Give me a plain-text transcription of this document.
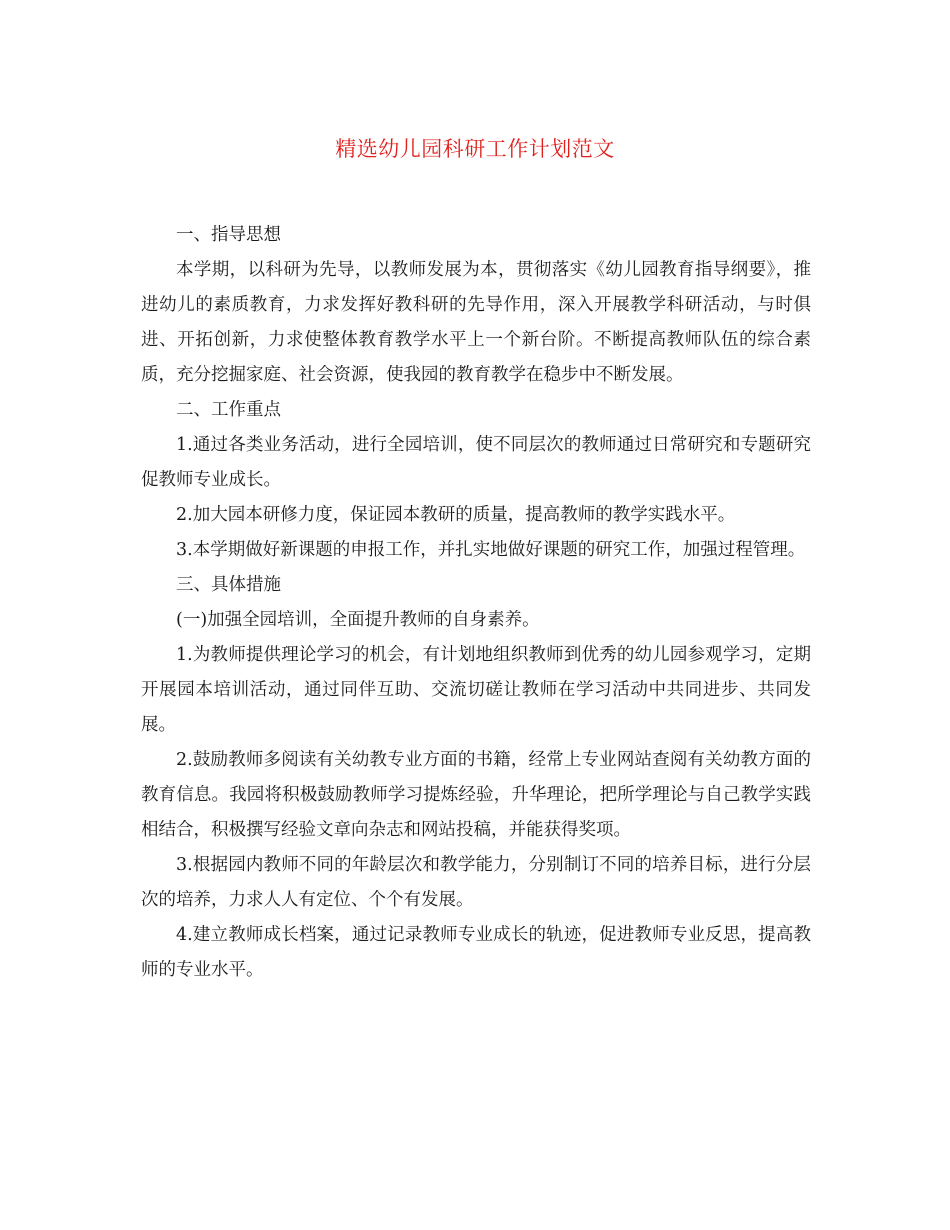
精选幼儿园科研工作计划范文

一、指导思想

本学期，以科研为先导，以教师发展为本，贯彻落实《幼儿园教育指导纲要》，推进幼儿的素质教育，力求发挥好教科研的先导作用，深入开展教学科研活动，与时俱进、开拓创新，力求使整体教育教学水平上一个新台阶。不断提高教师队伍的综合素质，充分挖掘家庭、社会资源，使我园的教育教学在稳步中不断发展。

二、工作重点

1.通过各类业务活动，进行全园培训，使不同层次的教师通过日常研究和专题研究促教师专业成长。

2.加大园本研修力度，保证园本教研的质量，提高教师的教学实践水平。

3.本学期做好新课题的申报工作，并扎实地做好课题的研究工作，加强过程管理。

三、具体措施

(一)加强全园培训，全面提升教师的自身素养。

1.为教师提供理论学习的机会，有计划地组织教师到优秀的幼儿园参观学习，定期开展园本培训活动，通过同伴互助、交流切磋让教师在学习活动中共同进步、共同发展。

2.鼓励教师多阅读有关幼教专业方面的书籍，经常上专业网站查阅有关幼教方面的教育信息。我园将积极鼓励教师学习提炼经验，升华理论，把所学理论与自己教学实践相结合，积极撰写经验文章向杂志和网站投稿，并能获得奖项。

3.根据园内教师不同的年龄层次和教学能力，分别制订不同的培养目标，进行分层次的培养，力求人人有定位、个个有发展。

4.建立教师成长档案，通过记录教师专业成长的轨迹，促进教师专业反思，提高教师的专业水平。
